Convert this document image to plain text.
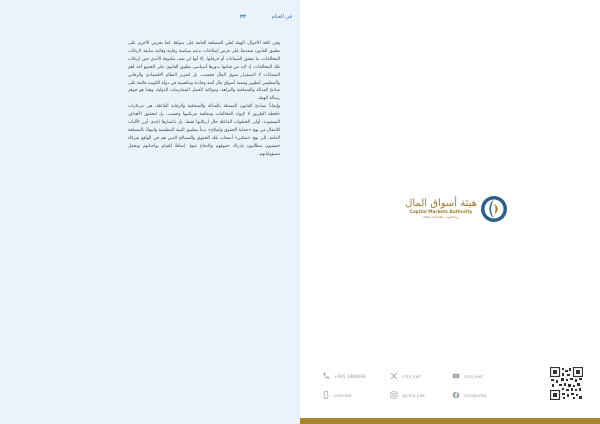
٢٢	في الختام

وفي كافة الأحوال، الهيئة تُعلي المصلحة العامة على سواها، كما تحرص الأخرى على تطبيق القانون متقدمةً على فرض إصلاحات تدعم سياسة رقابية وقائية سابقة لارتكاب المخالفات، ما يحقق الضمانات أو حرفاتها. إلا أنها لن تقف مكتوفة الأيدي حين ارتكاب تلك المخالفات، إذ لابد من قيامها بدورها أسياسي تطبيق القانون على الجميع أحد أهم الضمانات لا لاستقرار سوق المال فحسب، بل لتعزيز النظام الاقتصادي والرقابي والتنظيمي لتطوير وتنمية أسواق مال آمنة وجاذبة وتنافسية في دولة الكويت قائمة على مبادئ العدالة والشفافية والنزاهة، ومواكبة لأفضل الممارسات الدولية، وهذا هو جوهر رسالة الهيئة.

وإيماناً بمبادئ القانون المتمثلة بالعدالة والشفافية والرقابة الفاعلة، هي مرتكزات حافظة الطريق لا لإيواء المخالفات ومعاقبة مرتكبيها وحسب، بل لتحقيق الأهداف المنشودة. أولى الخطوات الفاعلة حال ارتكابها فقط، بل باعتبارها إحدى أبرز الأليات للانتقال من نهج «حماية الحقوق وإصلاح» بدءاً بتطبيق البنية التنظيمية وانتهاءً بالمصلحة العامة، إلى نهج «تمكين» أصحاب تلك الحقوق والمصالح الذين هم في الواقع شركاء حقيقيون مطالبون بإدراك حقوقهم والدفاع عنها، إضافةً للقيام بواجباتهم وتحمل مسؤولياتهم.

هيئة أسواق المال
Capital Markets Authority
دولة الكويت - State of Kuwait
+965 1888898	cma_kwt	cma_kwt
cma-kwt	@cma_kwt	cmagovkw
